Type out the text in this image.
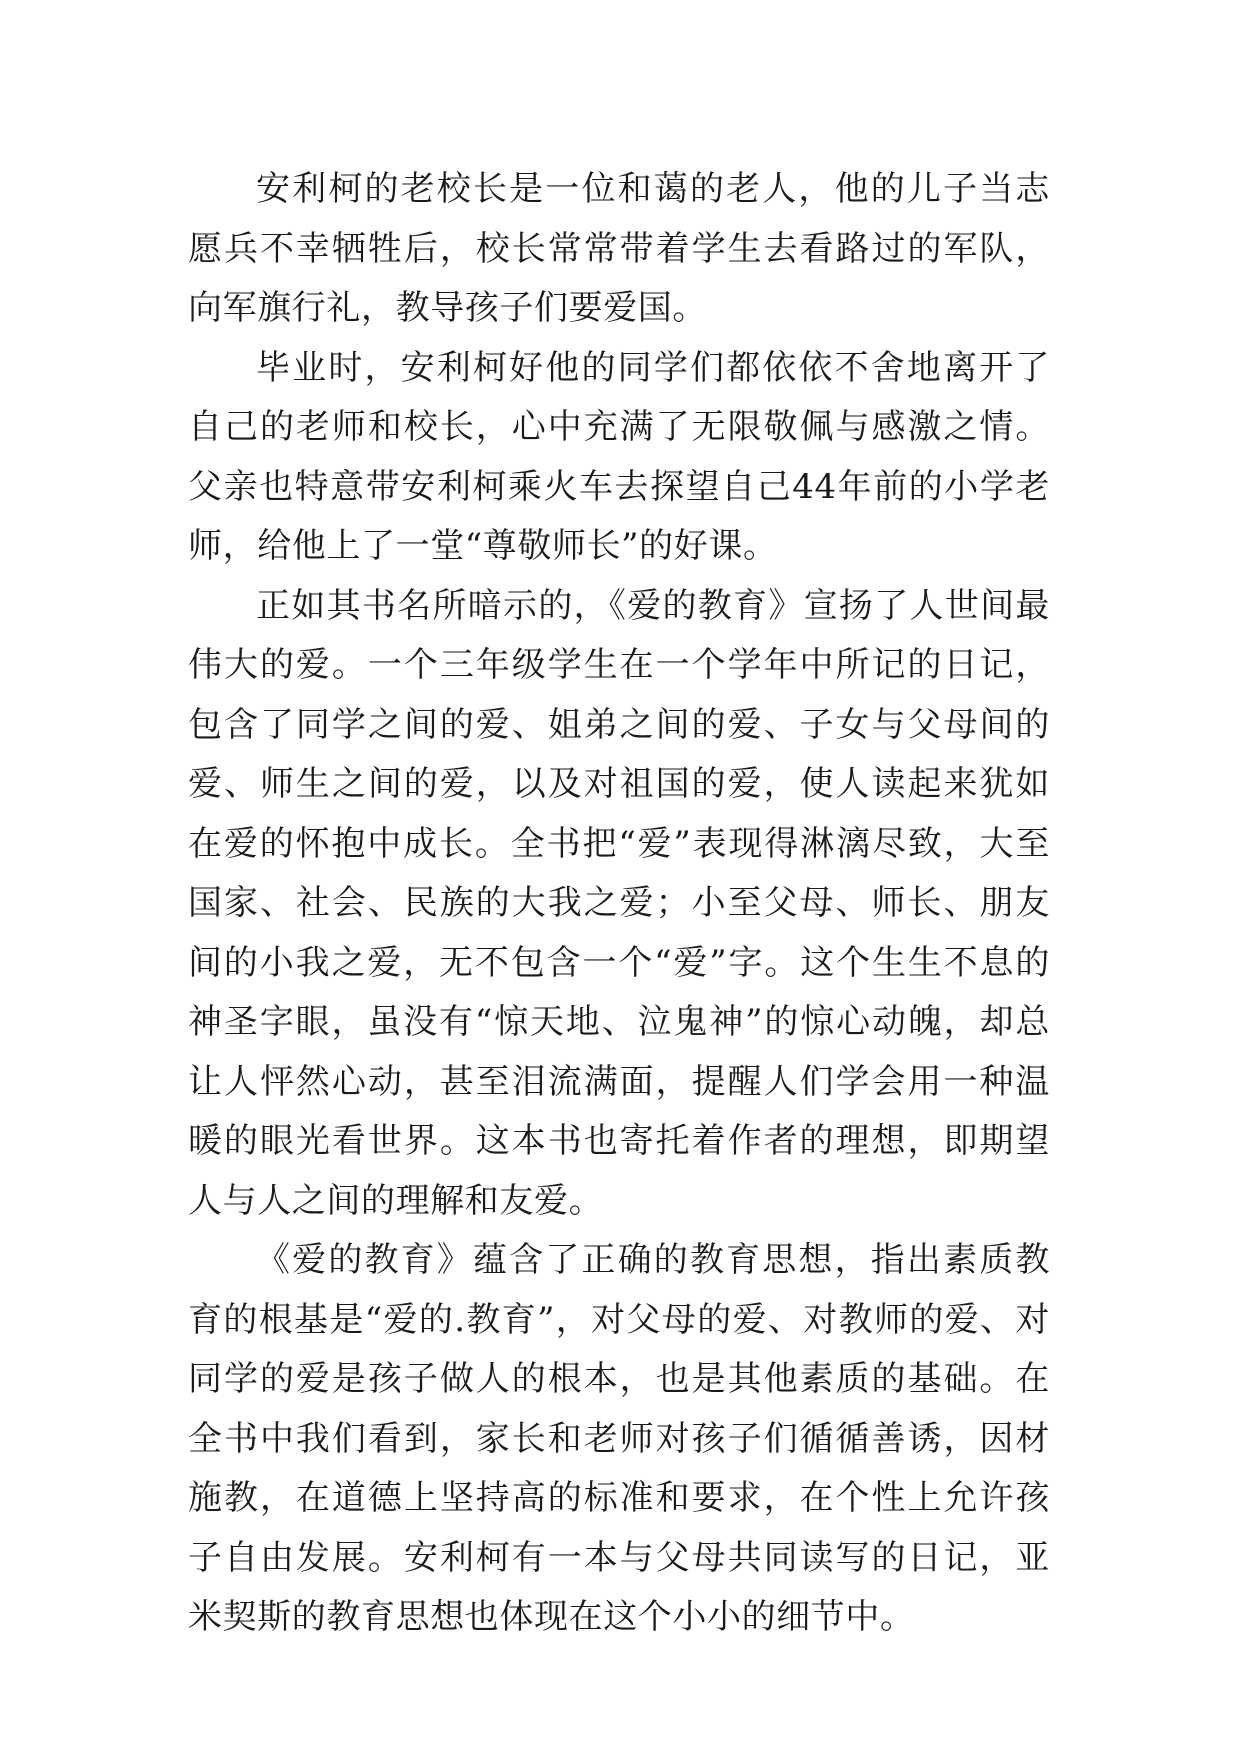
安利柯的老校长是一位和蔼的老人，他的儿子当志愿兵不幸牺牲后，校长常常带着学生去看路过的军队，向军旗行礼，教导孩子们要爱国。

毕业时，安利柯好他的同学们都依依不舍地离开了自己的老师和校长，心中充满了无限敬佩与感激之情。父亲也特意带安利柯乘火车去探望自己44年前的小学老师，给他上了一堂“尊敬师长”的好课。

正如其书名所暗示的，《爱的教育》宣扬了人世间最伟大的爱。一个三年级学生在一个学年中所记的日记，包含了同学之间的爱、姐弟之间的爱、子女与父母间的爱、师生之间的爱，以及对祖国的爱，使人读起来犹如在爱的怀抱中成长。全书把“爱”表现得淋漓尽致，大至国家、社会、民族的大我之爱；小至父母、师长、朋友间的小我之爱，无不包含一个“爱”字。这个生生不息的神圣字眼，虽没有“惊天地、泣鬼神”的惊心动魄，却总让人怦然心动，甚至泪流满面，提醒人们学会用一种温暖的眼光看世界。这本书也寄托着作者的理想，即期望人与人之间的理解和友爱。

《爱的教育》蕴含了正确的教育思想，指出素质教育的根基是“爱的.教育”，对父母的爱、对教师的爱、对同学的爱是孩子做人的根本，也是其他素质的基础。在全书中我们看到，家长和老师对孩子们循循善诱，因材施教，在道德上坚持高的标准和要求，在个性上允许孩子自由发展。安利柯有一本与父母共同读写的日记，亚米契斯的教育思想也体现在这个小小的细节中。
